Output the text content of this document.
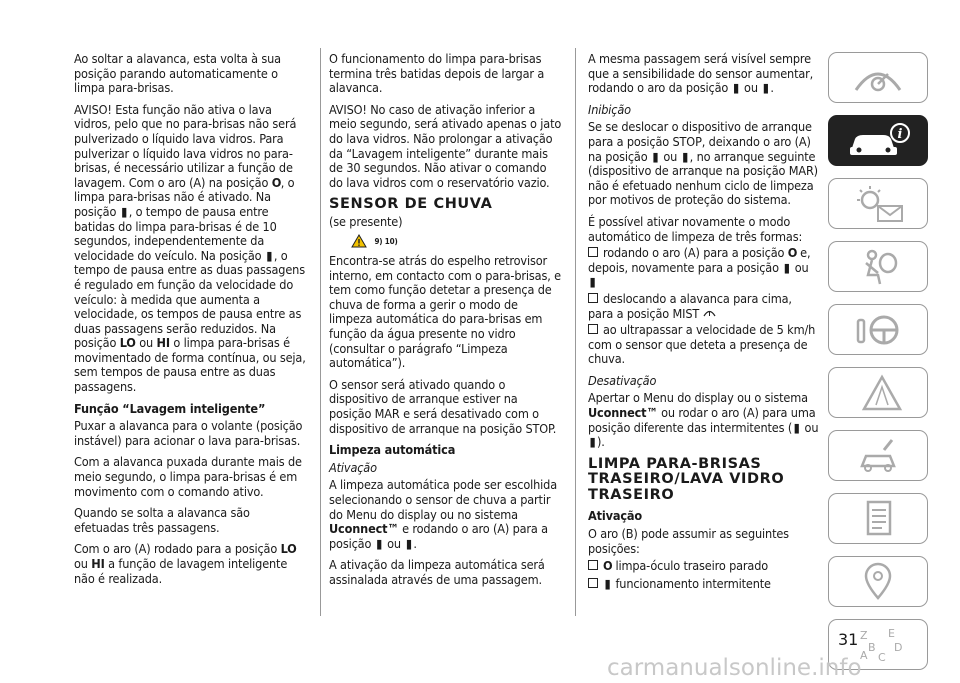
Ao soltar a alavanca, esta volta à sua posição parando automaticamente o limpa para-brisas.

AVISO! Esta função não ativa o lava vidros, pelo que no para-brisas não será pulverizado o líquido lava vidros. Para pulverizar o líquido lava vidros no para-brisas, é necessário utilizar a função de lavagem. Com o aro (A) na posição O, o limpa para-brisas não é ativado. Na posição ▮, o tempo de pausa entre batidas do limpa para-brisas é de 10 segundos, independentemente da velocidade do veículo. Na posição ▮, o tempo de pausa entre as duas passagens é regulado em função da velocidade do veículo: à medida que aumenta a velocidade, os tempos de pausa entre as duas passagens serão reduzidos. Na posição LO ou HI o limpa para-brisas é movimentado de forma contínua, ou seja, sem tempos de pausa entre as duas passagens.

Função “Lavagem inteligente”

Puxar a alavanca para o volante (posição instável) para acionar o lava para-brisas.

Com a alavanca puxada durante mais de meio segundo, o limpa para-brisas é em movimento com o comando ativo.

Quando se solta a alavanca são efetuadas três passagens.

Com o aro (A) rodado para a posição LO ou HI a função de lavagem inteligente não é realizada.

O funcionamento do limpa para-brisas termina três batidas depois de largar a alavanca.

AVISO! No caso de ativação inferior a meio segundo, será ativado apenas o jato do lava vidros. Não prolongar a ativação da “Lavagem inteligente” durante mais de 30 segundos. Não ativar o comando do lava vidros com o reservatório vazio.

SENSOR DE CHUVA

(se presente)

9) 10)

Encontra-se atrás do espelho retrovisor interno, em contacto com o para-brisas, e tem como função detetar a presença de chuva de forma a gerir o modo de limpeza automática do para-brisas em função da água presente no vidro (consultar o parágrafo “Limpeza automática”).

O sensor será ativado quando o dispositivo de arranque estiver na posição MAR e será desativado com o dispositivo de arranque na posição STOP.

Limpeza automática

Ativação

A limpeza automática pode ser escolhida selecionando o sensor de chuva a partir do Menu do display ou no sistema Uconnect™ e rodando o aro (A) para a posição ▮ ou ▮.

A ativação da limpeza automática será assinalada através de uma passagem.

A mesma passagem será visível sempre que a sensibilidade do sensor aumentar, rodando o aro da posição ▮ ou ▮.

Inibição

Se se deslocar o dispositivo de arranque para a posição STOP, deixando o aro (A) na posição ▮ ou ▮, no arranque seguinte (dispositivo de arranque na posição MAR) não é efetuado nenhum ciclo de limpeza por motivos de proteção do sistema.

É possível ativar novamente o modo automático de limpeza de três formas:

rodando o aro (A) para a posição O e, depois, novamente para a posição ▮ ou ▮

deslocando a alavanca para cima, para a posição MIST

ao ultrapassar a velocidade de 5 km/h com o sensor que deteta a presença de chuva.

Desativação

Apertar o Menu do display ou o sistema Uconnect™ ou rodar o aro (A) para uma posição diferente das intermitentes (▮ ou ▮).

LIMPA PARA-BRISAS TRASEIRO/LAVA VIDRO TRASEIRO

Ativação

O aro (B) pode assumir as seguintes posições:

O limpa-óculo traseiro parado

▮ funcionamento intermitente

i
Z E
B D
C
A
31
carmanualsonline.info
